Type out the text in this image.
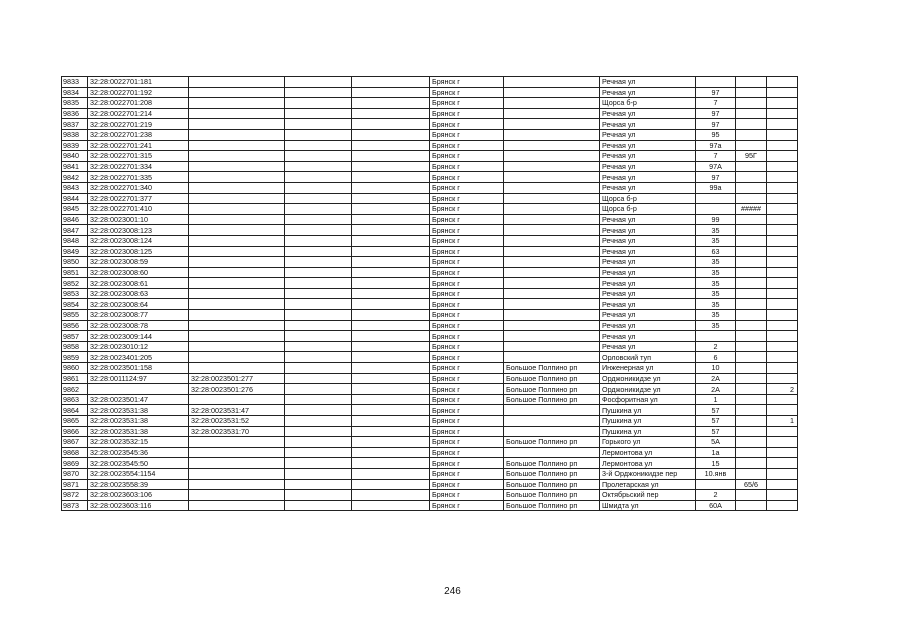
9833	32:28:0022701:181				Брянск г		Речная ул			
9834	32:28:0022701:192				Брянск г		Речная ул	97		
9835	32:28:0022701:208				Брянск г		Щорса б-р	7		
9836	32:28:0022701:214				Брянск г		Речная ул	97		
9837	32:28:0022701:219				Брянск г		Речная ул	97		
9838	32:28:0022701:238				Брянск г		Речная ул	95		
9839	32:28:0022701:241				Брянск г		Речная ул	97а		
9840	32:28:0022701:315				Брянск г		Речная ул	7	95Г	
9841	32:28:0022701:334				Брянск г		Речная ул	97А		
9842	32:28:0022701:335				Брянск г		Речная ул	97		
9843	32:28:0022701:340				Брянск г		Речная ул	99а		
9844	32:28:0022701:377				Брянск г		Щорса б-р			
9845	32:28:0022701:410				Брянск г		Щорса б-р		#####	
9846	32:28:0023001:10				Брянск г		Речная ул	99		
9847	32:28:0023008:123				Брянск г		Речная ул	35		
9848	32:28:0023008:124				Брянск г		Речная ул	35		
9849	32:28:0023008:125				Брянск г		Речная ул	63		
9850	32:28:0023008:59				Брянск г		Речная ул	35		
9851	32:28:0023008:60				Брянск г		Речная ул	35		
9852	32:28:0023008:61				Брянск г		Речная ул	35		
9853	32:28:0023008:63				Брянск г		Речная ул	35		
9854	32:28:0023008:64				Брянск г		Речная ул	35		
9855	32:28:0023008:77				Брянск г		Речная ул	35		
9856	32:28:0023008:78				Брянск г		Речная ул	35		
9857	32:28:0023009:144				Брянск г		Речная ул			
9858	32:28:0023010:12				Брянск г		Речная ул	2		
9859	32:28:0023401:205				Брянск г		Орловский туп	6		
9860	32:28:0023501:158				Брянск г	Большое Полпино рп	Инженерная ул	10		
9861	32:28:0011124:97	32:28:0023501:277			Брянск г	Большое Полпино рп	Орджоникидзе ул	2А		
9862		32:28:0023501:276			Брянск г	Большое Полпино рп	Орджоникидзе ул	2А		2
9863	32:28:0023501:47				Брянск г	Большое Полпино рп	Фосфоритная ул	1		
9864	32:28:0023531:38	32:28:0023531:47			Брянск г		Пушкина ул	57		
9865	32:28:0023531:38	32:28:0023531:52			Брянск г		Пушкина ул	57		1
9866	32:28:0023531:38	32:28:0023531:70			Брянск г		Пушкина ул	57		
9867	32:28:0023532:15				Брянск г	Большое Полпино рп	Горького ул	5А		
9868	32:28:0023545:36				Брянск г		Лермонтова ул	1а		
9869	32:28:0023545:50				Брянск г	Большое Полпино рп	Лермонтова ул	15		
9870	32:28:0023554:1154				Брянск г	Большое Полпино рп	3-й Орджоникидзе пер	10.янв		
9871	32:28:0023558:39				Брянск г	Большое Полпино рп	Пролетарская ул		65/6	
9872	32:28:0023603:106				Брянск г	Большое Полпино рп	Октябрьский пер	2		
9873	32:28:0023603:116				Брянск г	Большое Полпино рп	Шмидта ул	60А		
246
